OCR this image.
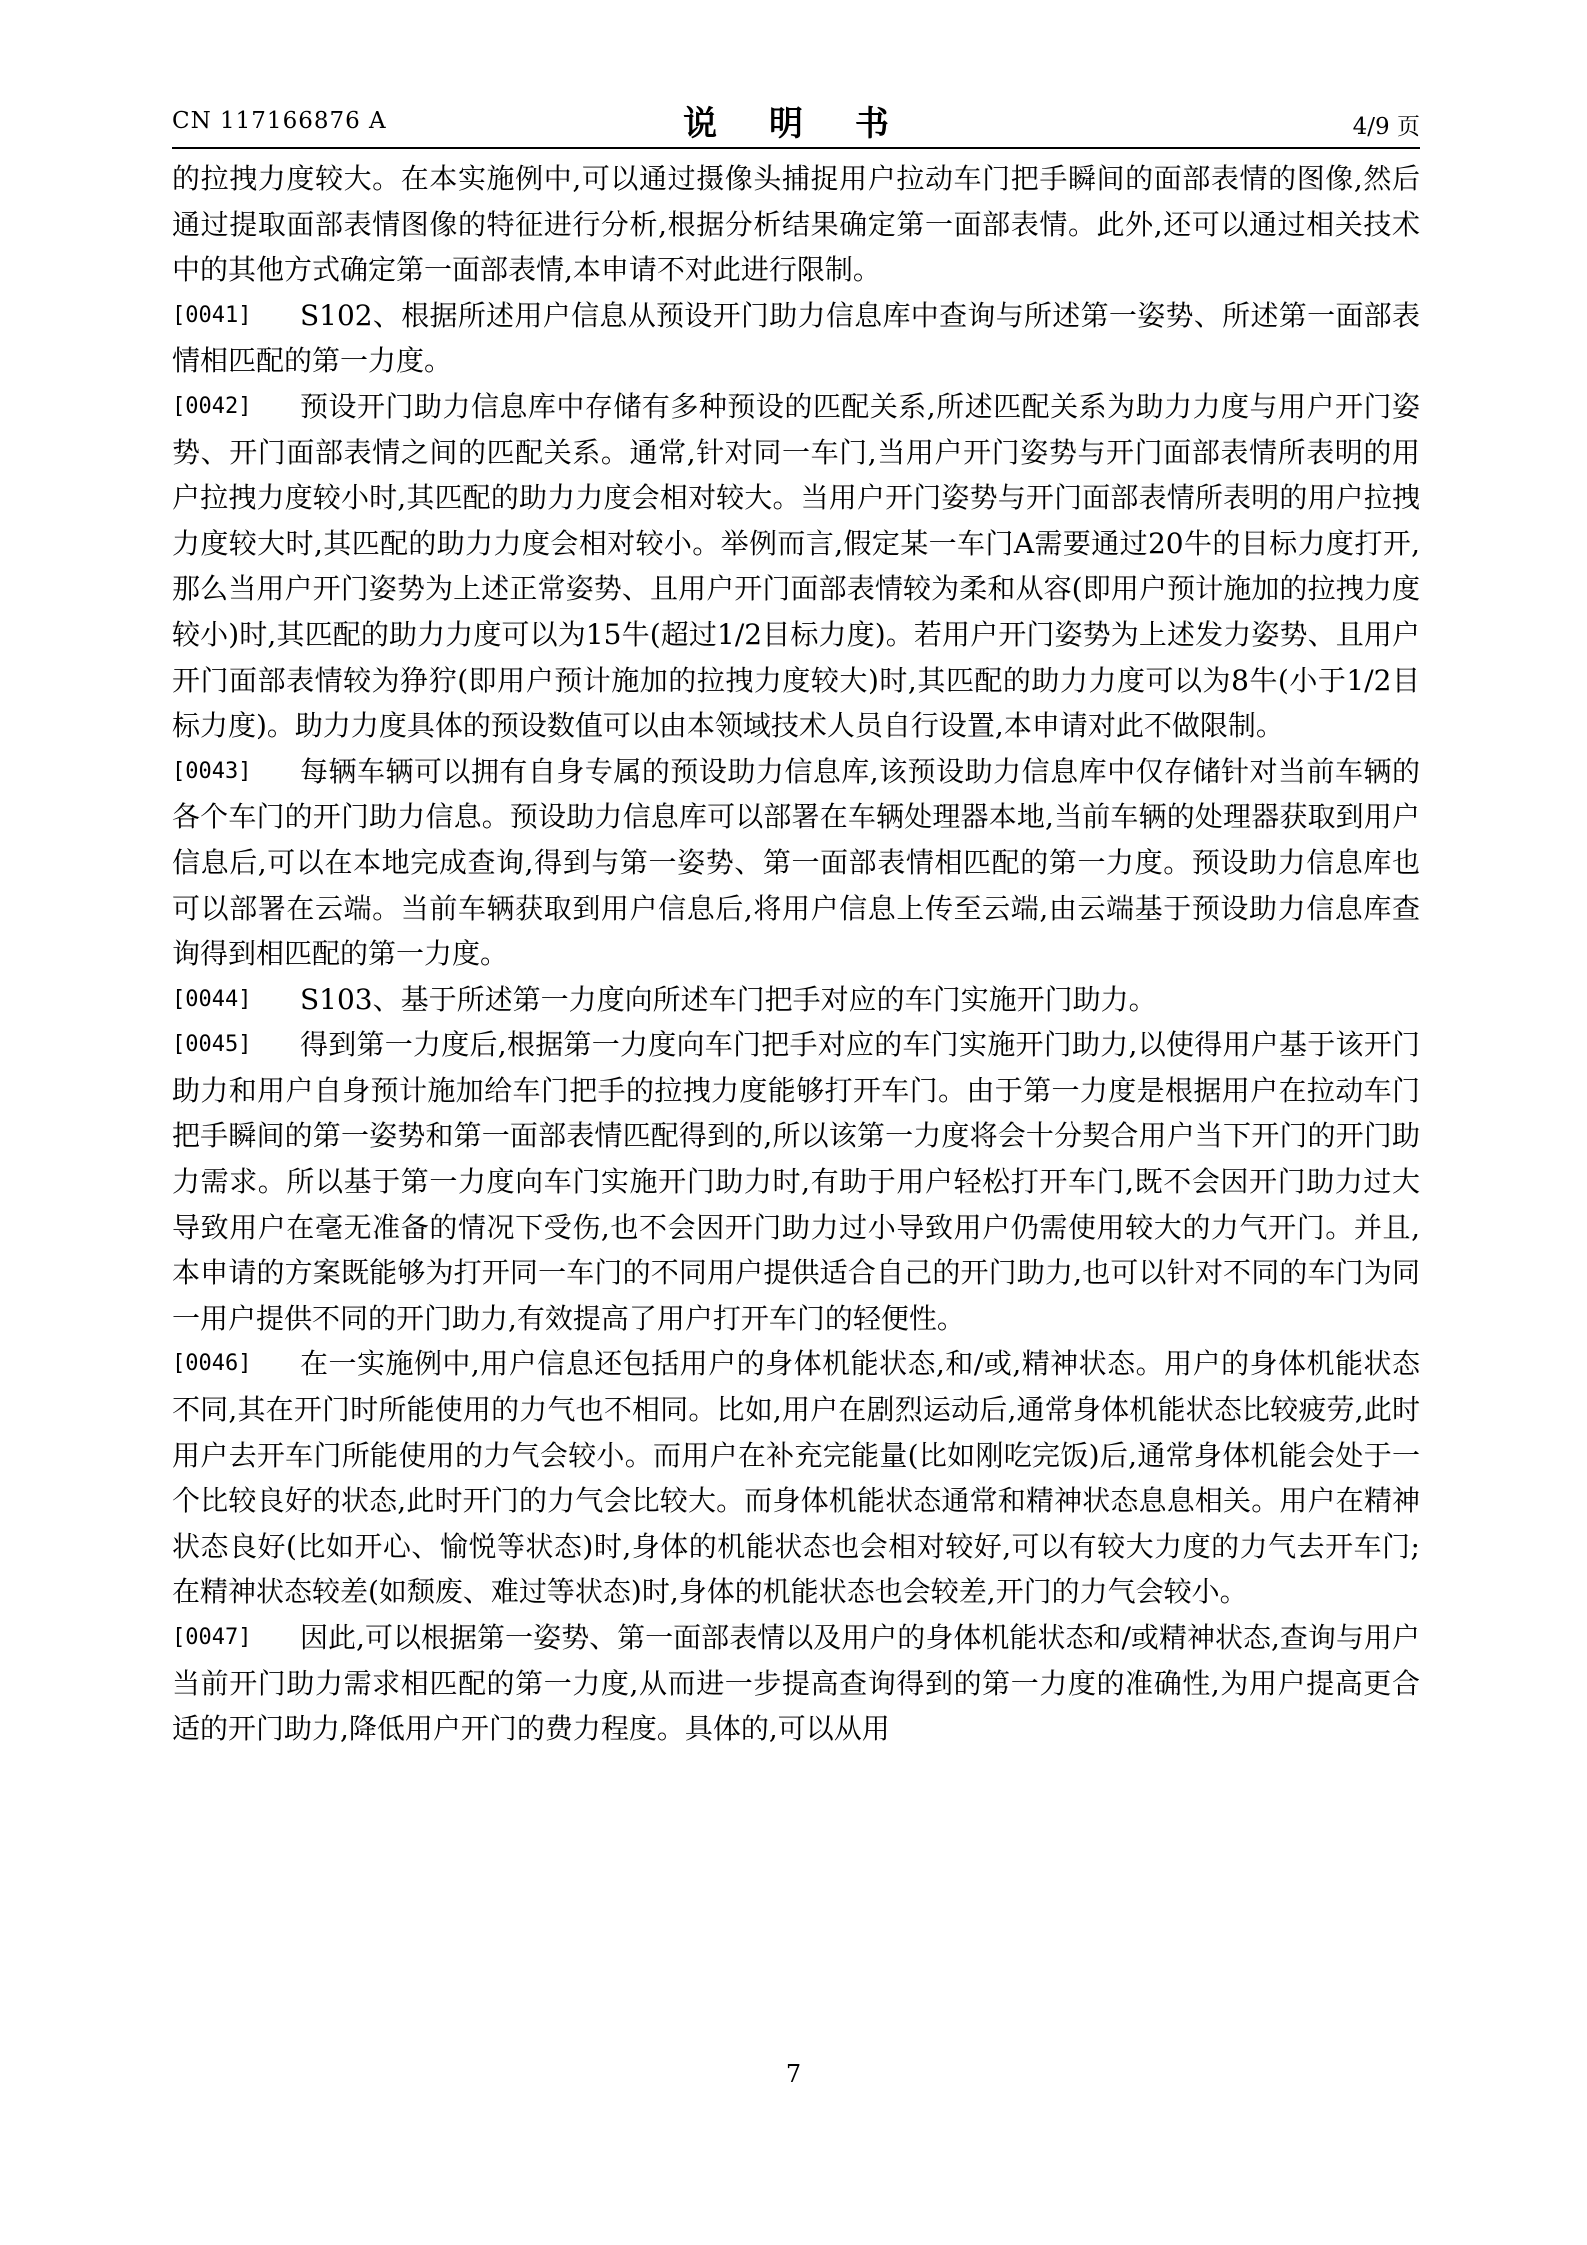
CN 117166876 A	说 明 书	4/9 页

的拉拽力度较大。在本实施例中,可以通过摄像头捕捉用户拉动车门把手瞬间的面部表情的图像,然后通过提取面部表情图像的特征进行分析,根据分析结果确定第一面部表情。此外,还可以通过相关技术中的其他方式确定第一面部表情,本申请不对此进行限制。

[0041] S102、根据所述用户信息从预设开门助力信息库中查询与所述第一姿势、所述第一面部表情相匹配的第一力度。

[0042] 预设开门助力信息库中存储有多种预设的匹配关系,所述匹配关系为助力力度与用户开门姿势、开门面部表情之间的匹配关系。通常,针对同一车门,当用户开门姿势与开门面部表情所表明的用户拉拽力度较小时,其匹配的助力力度会相对较大。当用户开门姿势与开门面部表情所表明的用户拉拽力度较大时,其匹配的助力力度会相对较小。举例而言,假定某一车门A需要通过20牛的目标力度打开,那么当用户开门姿势为上述正常姿势、且用户开门面部表情较为柔和从容(即用户预计施加的拉拽力度较小)时,其匹配的助力力度可以为15牛(超过1/2目标力度)。若用户开门姿势为上述发力姿势、且用户开门面部表情较为狰狞(即用户预计施加的拉拽力度较大)时,其匹配的助力力度可以为8牛(小于1/2目标力度)。助力力度具体的预设数值可以由本领域技术人员自行设置,本申请对此不做限制。

[0043] 每辆车辆可以拥有自身专属的预设助力信息库,该预设助力信息库中仅存储针对当前车辆的各个车门的开门助力信息。预设助力信息库可以部署在车辆处理器本地,当前车辆的处理器获取到用户信息后,可以在本地完成查询,得到与第一姿势、第一面部表情相匹配的第一力度。预设助力信息库也可以部署在云端。当前车辆获取到用户信息后,将用户信息上传至云端,由云端基于预设助力信息库查询得到相匹配的第一力度。

[0044] S103、基于所述第一力度向所述车门把手对应的车门实施开门助力。

[0045] 得到第一力度后,根据第一力度向车门把手对应的车门实施开门助力,以使得用户基于该开门助力和用户自身预计施加给车门把手的拉拽力度能够打开车门。由于第一力度是根据用户在拉动车门把手瞬间的第一姿势和第一面部表情匹配得到的,所以该第一力度将会十分契合用户当下开门的开门助力需求。所以基于第一力度向车门实施开门助力时,有助于用户轻松打开车门,既不会因开门助力过大导致用户在毫无准备的情况下受伤,也不会因开门助力过小导致用户仍需使用较大的力气开门。并且,本申请的方案既能够为打开同一车门的不同用户提供适合自己的开门助力,也可以针对不同的车门为同一用户提供不同的开门助力,有效提高了用户打开车门的轻便性。

[0046] 在一实施例中,用户信息还包括用户的身体机能状态,和/或,精神状态。用户的身体机能状态不同,其在开门时所能使用的力气也不相同。比如,用户在剧烈运动后,通常身体机能状态比较疲劳,此时用户去开车门所能使用的力气会较小。而用户在补充完能量(比如刚吃完饭)后,通常身体机能会处于一个比较良好的状态,此时开门的力气会比较大。而身体机能状态通常和精神状态息息相关。用户在精神状态良好(比如开心、愉悦等状态)时,身体的机能状态也会相对较好,可以有较大力度的力气去开车门;在精神状态较差(如颓废、难过等状态)时,身体的机能状态也会较差,开门的力气会较小。

[0047] 因此,可以根据第一姿势、第一面部表情以及用户的身体机能状态和/或精神状态,查询与用户当前开门助力需求相匹配的第一力度,从而进一步提高查询得到的第一力度的准确性,为用户提高更合适的开门助力,降低用户开门的费力程度。具体的,可以从用

7
